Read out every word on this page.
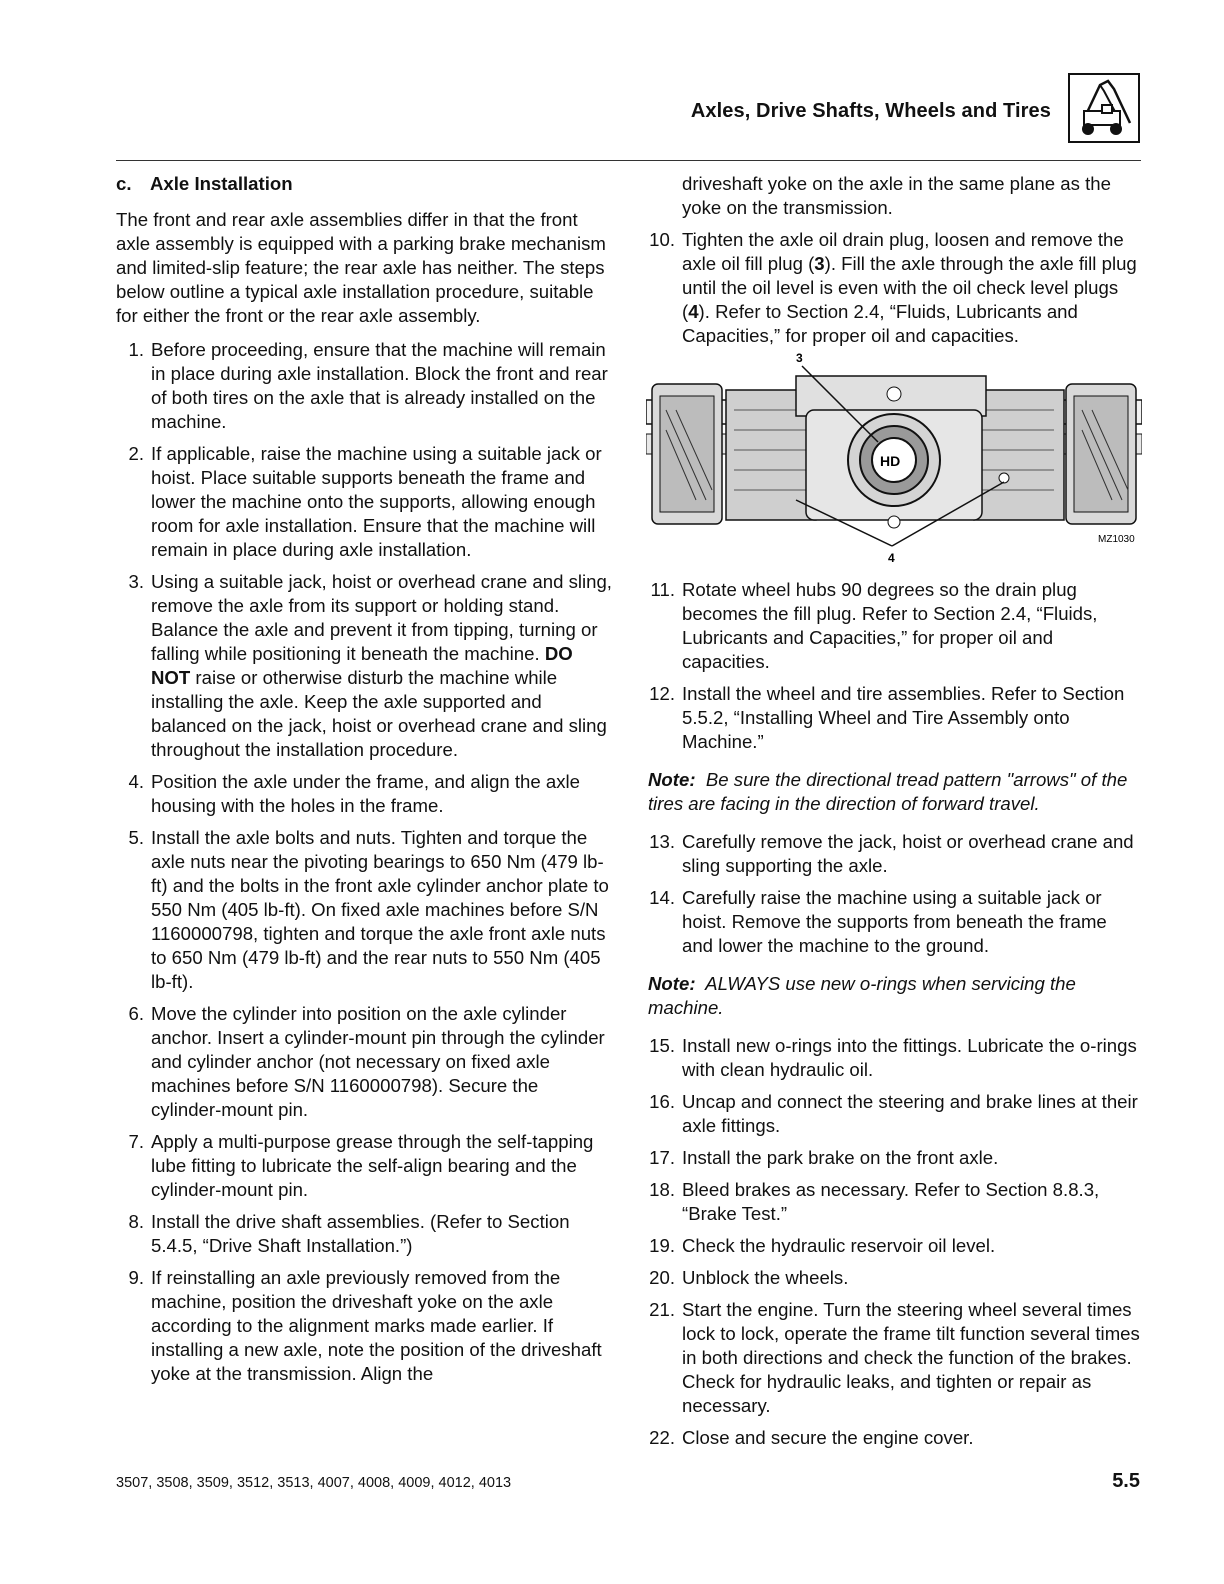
Axles, Drive Shafts, Wheels and Tires
c. Axle Installation

The front and rear axle assemblies differ in that the front axle assembly is equipped with a parking brake mechanism and limited-slip feature; the rear axle has neither. The steps below outline a typical axle installation procedure, suitable for either the front or the rear axle assembly.

1. Before proceeding, ensure that the machine will remain in place during axle installation. Block the front and rear of both tires on the axle that is already installed on the machine.
2. If applicable, raise the machine using a suitable jack or hoist. Place suitable supports beneath the frame and lower the machine onto the supports, allowing enough room for axle installation. Ensure that the machine will remain in place during axle installation.
3. Using a suitable jack, hoist or overhead crane and sling, remove the axle from its support or holding stand. Balance the axle and prevent it from tipping, turning or falling while positioning it beneath the machine. DO NOT raise or otherwise disturb the machine while installing the axle. Keep the axle supported and balanced on the jack, hoist or overhead crane and sling throughout the installation procedure.
4. Position the axle under the frame, and align the axle housing with the holes in the frame.
5. Install the axle bolts and nuts. Tighten and torque the axle nuts near the pivoting bearings to 650 Nm (479 lb-ft) and the bolts in the front axle cylinder anchor plate to 550 Nm (405 lb-ft). On fixed axle machines before S/N 1160000798, tighten and torque the axle front axle nuts to 650 Nm (479 lb-ft) and the rear nuts to 550 Nm (405 lb-ft).
6. Move the cylinder into position on the axle cylinder anchor. Insert a cylinder-mount pin through the cylinder and cylinder anchor (not necessary on fixed axle machines before S/N 1160000798). Secure the cylinder-mount pin.
7. Apply a multi-purpose grease through the self-tapping lube fitting to lubricate the self-align bearing and the cylinder-mount pin.
8. Install the drive shaft assemblies. (Refer to Section 5.4.5, “Drive Shaft Installation.”)
9. If reinstalling an axle previously removed from the machine, position the driveshaft yoke on the axle according to the alignment marks made earlier. If installing a new axle, note the position of the driveshaft yoke at the transmission. Align the
driveshaft yoke on the axle in the same plane as the yoke on the transmission.
10. Tighten the axle oil drain plug, loosen and remove the axle oil fill plug (3). Fill the axle through the axle fill plug until the oil level is even with the oil check level plugs (4). Refer to Section 2.4, “Fluids, Lubricants and Capacities,” for proper oil and capacities.
3
4
MZ1030
HD
11. Rotate wheel hubs 90 degrees so the drain plug becomes the fill plug. Refer to Section 2.4, “Fluids, Lubricants and Capacities,” for proper oil and capacities.
12. Install the wheel and tire assemblies. Refer to Section 5.5.2, “Installing Wheel and Tire Assembly onto Machine.”
Note: Be sure the directional tread pattern "arrows" of the tires are facing in the direction of forward travel.
13. Carefully remove the jack, hoist or overhead crane and sling supporting the axle.
14. Carefully raise the machine using a suitable jack or hoist. Remove the supports from beneath the frame and lower the machine to the ground.
Note: ALWAYS use new o-rings when servicing the machine.
15. Install new o-rings into the fittings. Lubricate the o-rings with clean hydraulic oil.
16. Uncap and connect the steering and brake lines at their axle fittings.
17. Install the park brake on the front axle.
18. Bleed brakes as necessary. Refer to Section 8.8.3, “Brake Test.”
19. Check the hydraulic reservoir oil level.
20. Unblock the wheels.
21. Start the engine. Turn the steering wheel several times lock to lock, operate the frame tilt function several times in both directions and check the function of the brakes. Check for hydraulic leaks, and tighten or repair as necessary.
22. Close and secure the engine cover.
3507, 3508, 3509, 3512, 3513, 4007, 4008, 4009, 4012, 4013	5.5
